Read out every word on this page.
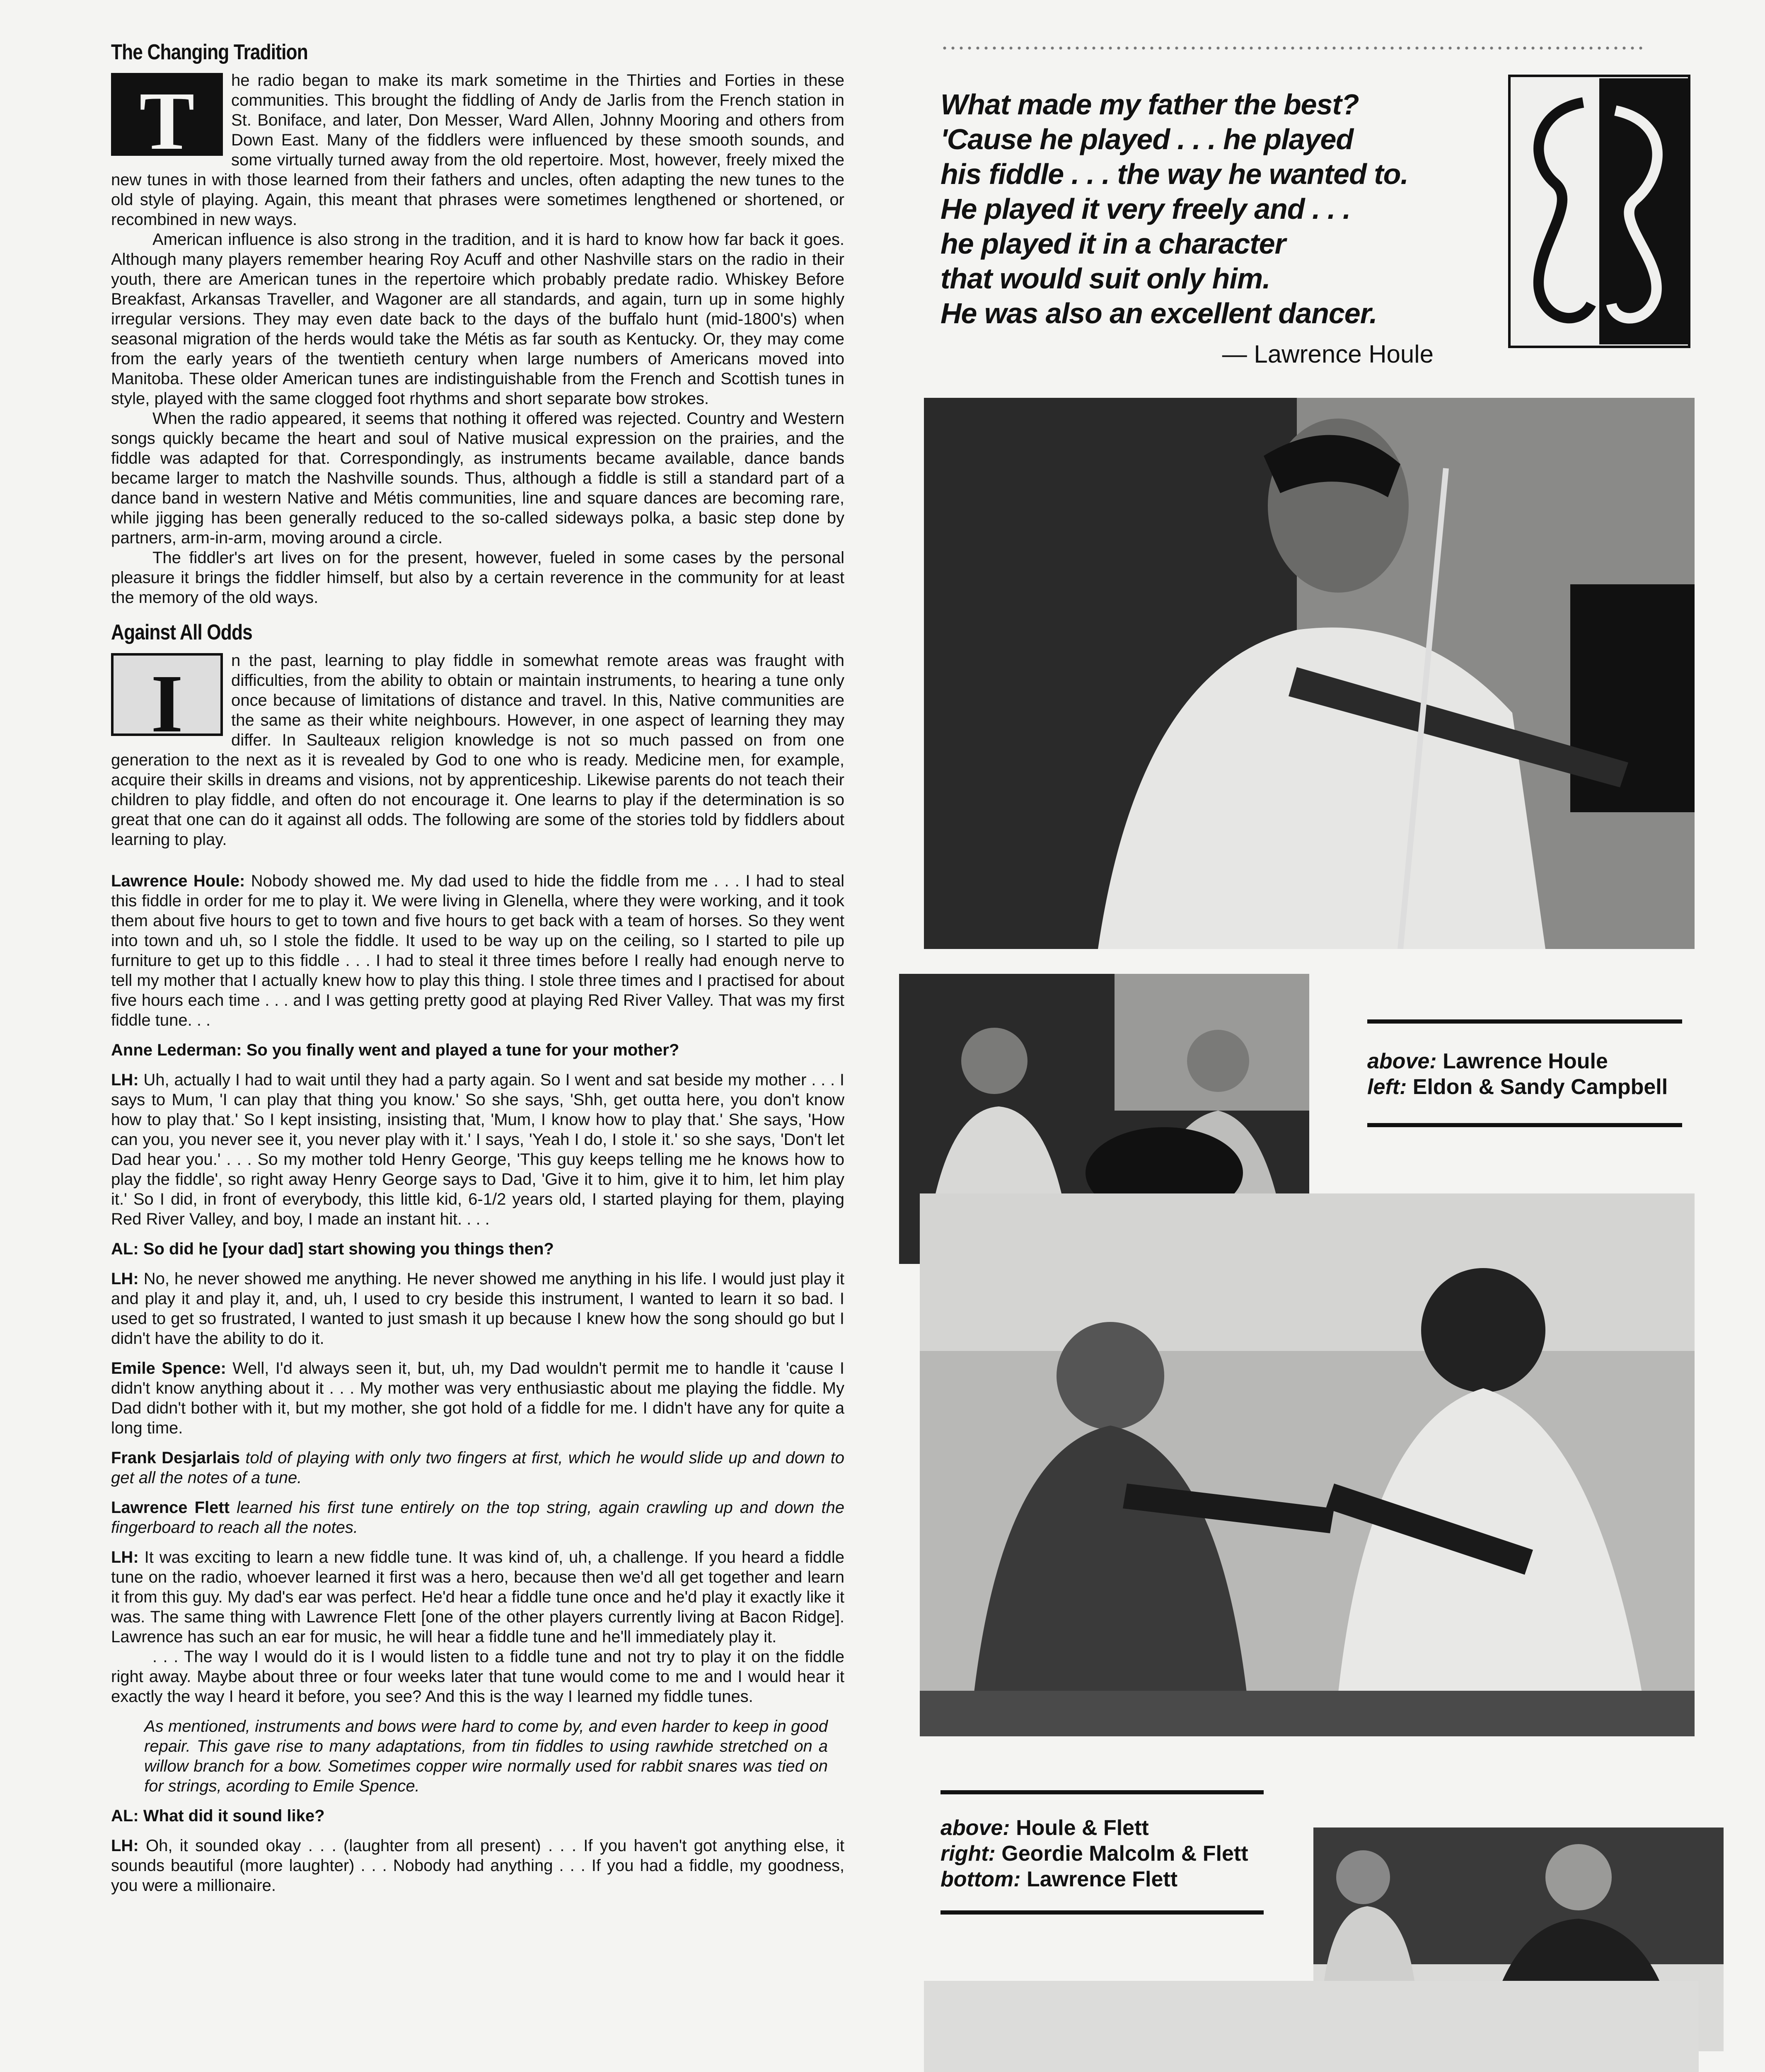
The Changing Tradition
T	he radio began to make its mark sometime in the Thirties and Forties in these communities. This brought the fiddling of Andy de Jarlis from the French station in St. Boniface, and later, Don Messer, Ward Allen, Johnny Mooring and others from Down East. Many of the fiddlers were influenced by these smooth sounds, and some virtually turned away from the old repertoire. Most, however, freely mixed the new tunes in with those learned from their fathers and uncles, often adapting the new tunes to the old style of playing. Again, this meant that phrases were sometimes lengthened or shortened, or recombined in new ways.

American influence is also strong in the tradition, and it is hard to know how far back it goes. Although many players remember hearing Roy Acuff and other Nashville stars on the radio in their youth, there are American tunes in the repertoire which probably predate radio. Whiskey Before Breakfast, Arkansas Traveller, and Wagoner are all standards, and again, turn up in some highly irregular versions. They may even date back to the days of the buffalo hunt (mid-1800's) when seasonal migration of the herds would take the Métis as far south as Kentucky. Or, they may come from the early years of the twentieth century when large numbers of Americans moved into Manitoba. These older American tunes are indistinguishable from the French and Scottish tunes in style, played with the same clogged foot rhythms and short separate bow strokes.

When the radio appeared, it seems that nothing it offered was rejected. Country and Western songs quickly became the heart and soul of Native musical expression on the prairies, and the fiddle was adapted for that. Correspondingly, as instruments became available, dance bands became larger to match the Nashville sounds. Thus, although a fiddle is still a standard part of a dance band in western Native and Métis communities, line and square dances are becoming rare, while jigging has been generally reduced to the so-called sideways polka, a basic step done by partners, arm-in-arm, moving around a circle.

The fiddler's art lives on for the present, however, fueled in some cases by the personal pleasure it brings the fiddler himself, but also by a certain reverence in the community for at least the memory of the old ways.

Against All Odds
I	n the past, learning to play fiddle in somewhat remote areas was fraught with difficulties, from the ability to obtain or maintain instruments, to hearing a tune only once because of limitations of distance and travel. In this, Native communities are the same as their white neighbours. However, in one aspect of learning they may differ. In Saulteaux religion knowledge is not so much passed on from one generation to the next as it is revealed by God to one who is ready. Medicine men, for example, acquire their skills in dreams and visions, not by apprenticeship. Likewise parents do not teach their children to play fiddle, and often do not encourage it. One learns to play if the determination is so great that one can do it against all odds. The following are some of the stories told by fiddlers about learning to play.

Lawrence Houle: Nobody showed me. My dad used to hide the fiddle from me . . . I had to steal this fiddle in order for me to play it. We were living in Glenella, where they were working, and it took them about five hours to get to town and five hours to get back with a team of horses. So they went into town and uh, so I stole the fiddle. It used to be way up on the ceiling, so I started to pile up furniture to get up to this fiddle . . . I had to steal it three times before I really had enough nerve to tell my mother that I actually knew how to play this thing. I stole three times and I practised for about five hours each time . . . and I was getting pretty good at playing Red River Valley. That was my first fiddle tune. . .

Anne Lederman: So you finally went and played a tune for your mother?

LH: Uh, actually I had to wait until they had a party again. So I went and sat beside my mother . . . I says to Mum, 'I can play that thing you know.' So she says, 'Shh, get outta here, you don't know how to play that.' So I kept insisting, insisting that, 'Mum, I know how to play that.' She says, 'How can you, you never see it, you never play with it.' I says, 'Yeah I do, I stole it.' so she says, 'Don't let Dad hear you.' . . . So my mother told Henry George, 'This guy keeps telling me he knows how to play the fiddle', so right away Henry George says to Dad, 'Give it to him, give it to him, let him play it.' So I did, in front of everybody, this little kid, 6-1/2 years old, I started playing for them, playing Red River Valley, and boy, I made an instant hit. . . .

AL: So did he [your dad] start showing you things then?

LH: No, he never showed me anything. He never showed me anything in his life. I would just play it and play it and play it, and, uh, I used to cry beside this instrument, I wanted to learn it so bad. I used to get so frustrated, I wanted to just smash it up because I knew how the song should go but I didn't have the ability to do it.

Emile Spence: Well, I'd always seen it, but, uh, my Dad wouldn't permit me to handle it 'cause I didn't know anything about it . . . My mother was very enthusiastic about me playing the fiddle. My Dad didn't bother with it, but my mother, she got hold of a fiddle for me. I didn't have any for quite a long time.

Frank Desjarlais told of playing with only two fingers at first, which he would slide up and down to get all the notes of a tune.

Lawrence Flett learned his first tune entirely on the top string, again crawling up and down the fingerboard to reach all the notes.

LH: It was exciting to learn a new fiddle tune. It was kind of, uh, a challenge. If you heard a fiddle tune on the radio, whoever learned it first was a hero, because then we'd all get together and learn it from this guy. My dad's ear was perfect. He'd hear a fiddle tune once and he'd play it exactly like it was. The same thing with Lawrence Flett [one of the other players currently living at Bacon Ridge]. Lawrence has such an ear for music, he will hear a fiddle tune and he'll immediately play it.

. . . The way I would do it is I would listen to a fiddle tune and not try to play it on the fiddle right away. Maybe about three or four weeks later that tune would come to me and I would hear it exactly the way I heard it before, you see? And this is the way I learned my fiddle tunes.

As mentioned, instruments and bows were hard to come by, and even harder to keep in good repair. This gave rise to many adaptations, from tin fiddles to using rawhide stretched on a willow branch for a bow. Sometimes copper wire normally used for rabbit snares was tied on for strings, acording to Emile Spence.

AL: What did it sound like?

LH: Oh, it sounded okay . . . (laughter from all present) . . . If you haven't got anything else, it sounds beautiful (more laughter) . . . Nobody had anything . . . If you had a fiddle, my goodness, you were a millionaire.

What made my father the best?
'Cause he played . . . he played
his fiddle . . . the way he wanted to.
He played it very freely and . . .
he played it in a character
that would suit only him.
He was also an excellent dancer.
— Lawrence Houle
above: Lawrence Houle
left: Eldon & Sandy Campbell
above: Houle & Flett
right: Geordie Malcolm & Flett
bottom: Lawrence Flett
